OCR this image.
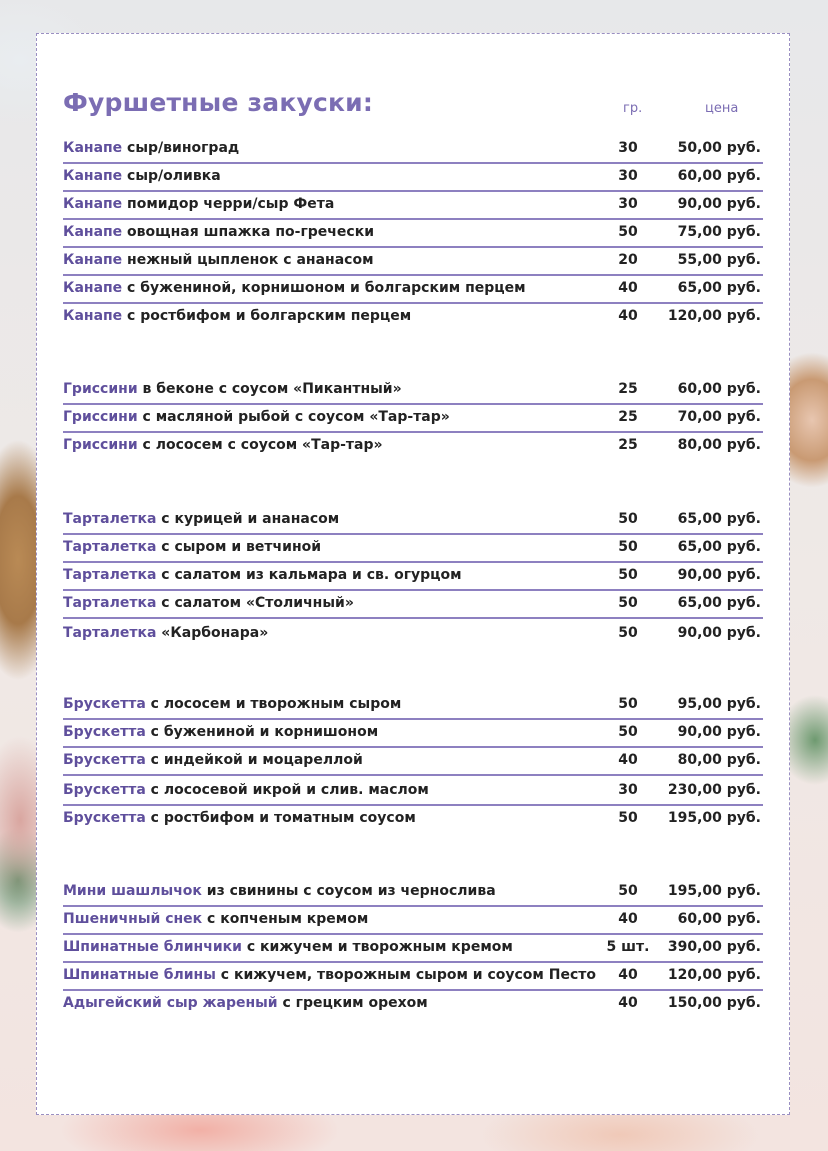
Фуршетные закуски:	гр.	цена
Канапе сыр/виноград	30	50,00 руб.
Канапе сыр/оливка	30	60,00 руб.
Канапе помидор черри/сыр Фета	30	90,00 руб.
Канапе овощная шпажка по-гречески	50	75,00 руб.
Канапе нежный цыпленок с ананасом	20	55,00 руб.
Канапе с бужениной, корнишоном и болгарским перцем	40	65,00 руб.
Канапе с ростбифом и болгарским перцем	40	120,00 руб.
Гриссини в беконе с соусом «Пикантный»	25	60,00 руб.
Гриссини с масляной рыбой с соусом «Тар-тар»	25	70,00 руб.
Гриссини с лососем с соусом «Тар-тар»	25	80,00 руб.
Тарталетка с курицей и ананасом	50	65,00 руб.
Тарталетка с сыром и ветчиной	50	65,00 руб.
Тарталетка с салатом из кальмара и св. огурцом	50	90,00 руб.
Тарталетка с салатом «Столичный»	50	65,00 руб.
Тарталетка «Карбонара»	50	90,00 руб.
Брускетта с лососем и творожным сыром	50	95,00 руб.
Брускетта с бужениной и корнишоном	50	90,00 руб.
Брускетта с индейкой и моцареллой	40	80,00 руб.
Брускетта с лососевой икрой и слив. маслом	30	230,00 руб.
Брускетта с ростбифом и томатным соусом	50	195,00 руб.
Мини шашлычок из свинины с соусом из чернослива	50	195,00 руб.
Пшеничный снек с копченым кремом	40	60,00 руб.
Шпинатные блинчики с кижучем и творожным кремом	5 шт. 390,00 руб.
Шпинатные блины с кижучем, творожным сыром и соусом Песто	40	120,00 руб.
Адыгейский сыр жареный с грецким орехом	40	150,00 руб.
